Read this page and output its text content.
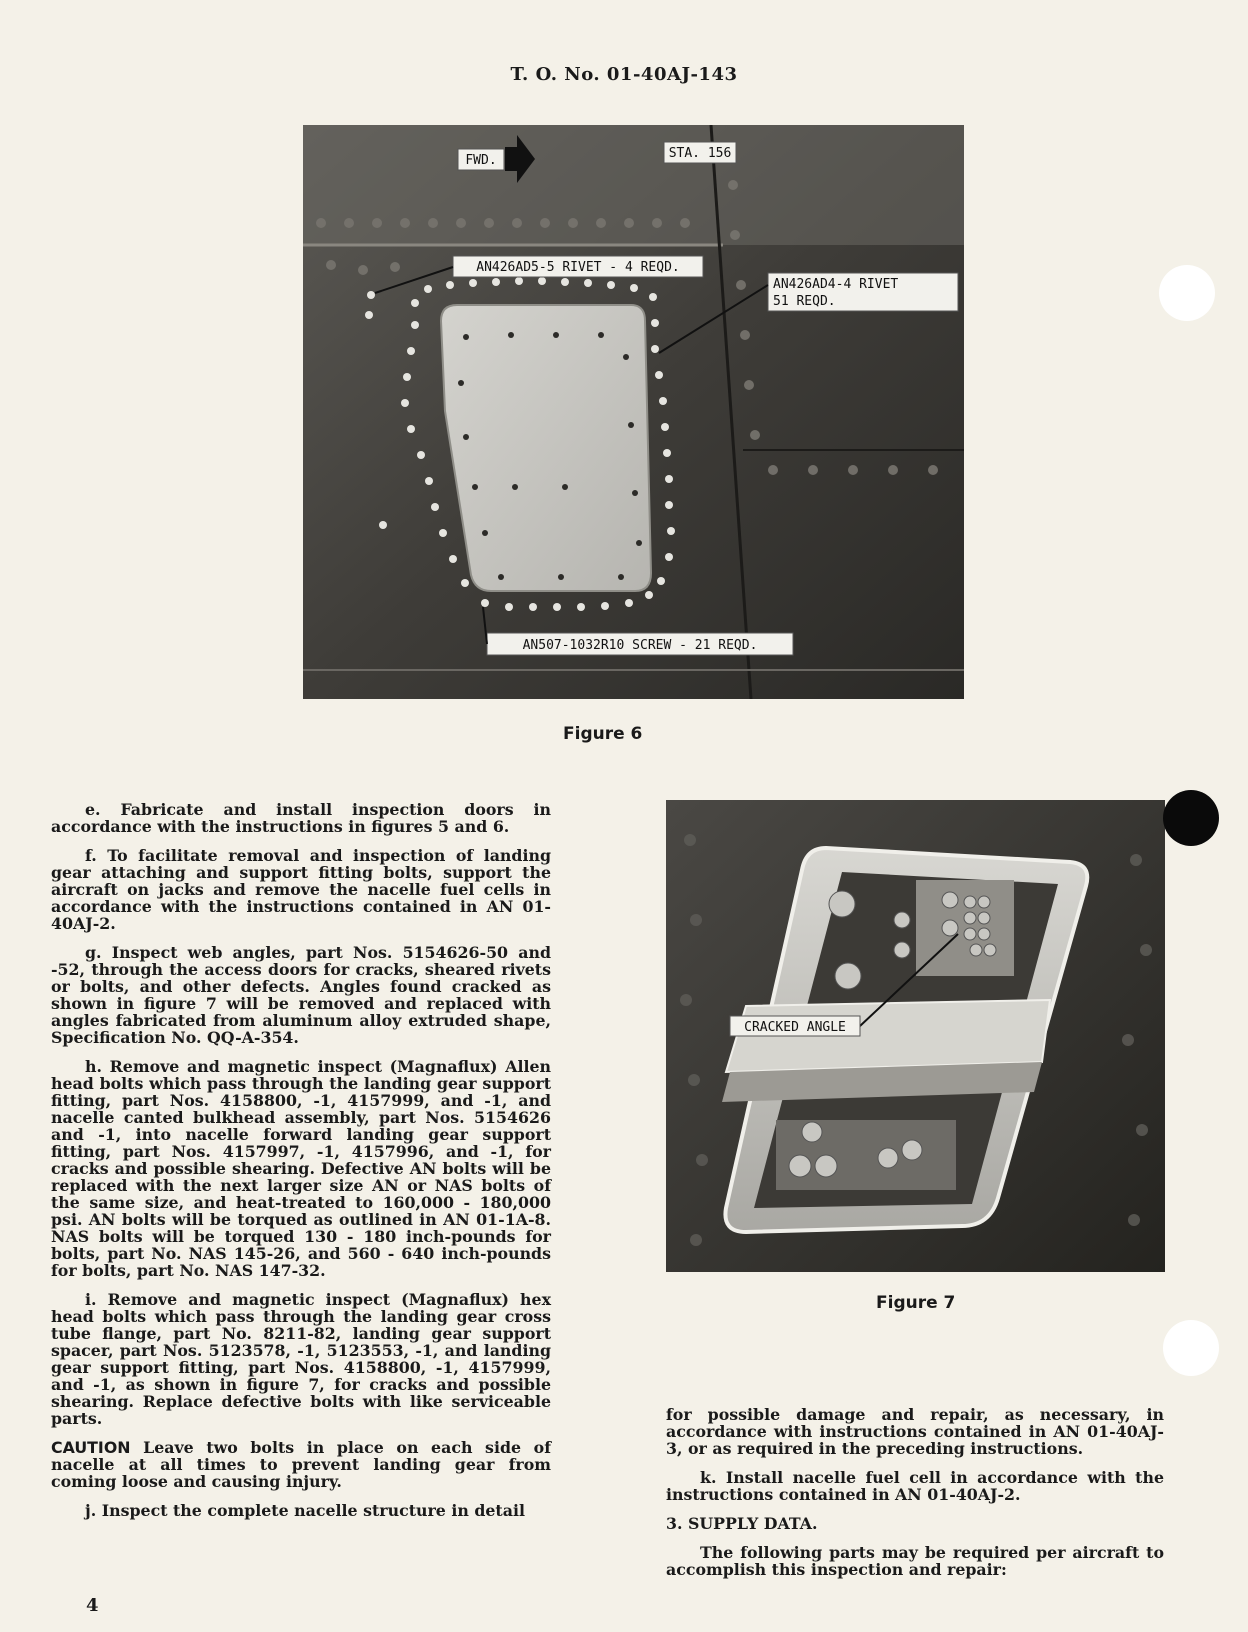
T. O. No. 01-40AJ-143
FWD.	STA. 156
AN426AD5-5 RIVET - 4 REQD.
AN426AD4-4 RIVET
51 REQD.
AN507-1032R10 SCREW - 21 REQD.
Figure 6
CRACKED ANGLE
Figure 7

e. Fabricate and install inspection doors in accordance with the instructions in figures 5 and 6.

f. To facilitate removal and inspection of landing gear attaching and support fitting bolts, support the aircraft on jacks and remove the nacelle fuel cells in accordance with the instructions contained in AN 01-40AJ-2.

g. Inspect web angles, part Nos. 5154626-50 and -52, through the access doors for cracks, sheared rivets or bolts, and other defects. Angles found cracked as shown in figure 7 will be removed and replaced with angles fabricated from aluminum alloy extruded shape, Specification No. QQ-A-354.

h. Remove and magnetic inspect (Magnaflux) Allen head bolts which pass through the landing gear support fitting, part Nos. 4158800, -1, 4157999, and -1, and nacelle canted bulkhead assembly, part Nos. 5154626 and -1, into nacelle forward landing gear support fitting, part Nos. 4157997, -1, 4157996, and -1, for cracks and possible shearing. Defective AN bolts will be replaced with the next larger size AN or NAS bolts of the same size, and heat-treated to 160,000 - 180,000 psi. AN bolts will be torqued as outlined in AN 01-1A-8. NAS bolts will be torqued 130 - 180 inch-pounds for bolts, part No. NAS 145-26, and 560 - 640 inch-pounds for bolts, part No. NAS 147-32.

i. Remove and magnetic inspect (Magnaflux) hex head bolts which pass through the landing gear cross tube flange, part No. 8211-82, landing gear support spacer, part Nos. 5123578, -1, 5123553, -1, and landing gear support fitting, part Nos. 4158800, -1, 4157999, and -1, as shown in figure 7, for cracks and possible shearing. Replace defective bolts with like serviceable parts.

CAUTION Leave two bolts in place on each side of nacelle at all times to prevent landing gear from coming loose and causing injury.

j. Inspect the complete nacelle structure in detail

for possible damage and repair, as necessary, in accordance with instructions contained in AN 01-40AJ-3, or as required in the preceding instructions.

k. Install nacelle fuel cell in accordance with the instructions contained in AN 01-40AJ-2.

3. SUPPLY DATA.

The following parts may be required per aircraft to accomplish this inspection and repair:

4
